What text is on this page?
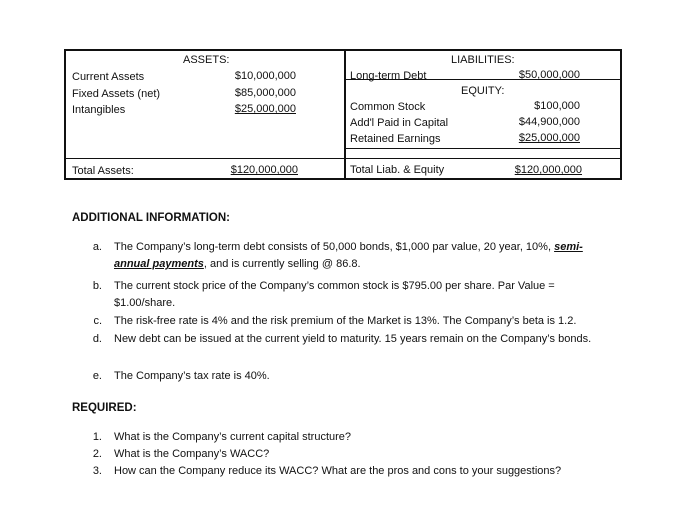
ASSETS:	LIABILITIES:
Current Assets	$10,000,000
Fixed Assets (net)	$85,000,000
Intangibles	$25,000,000
Long-term Debt	$50,000,000
EQUITY:
Common Stock	$100,000
Add'l Paid in Capital	$44,900,000
Retained Earnings	$25,000,000
Total Assets:	$120,000,000	Total Liab. & Equity	$120,000,000
ADDITIONAL INFORMATION:
a. The Company’s long-term debt consists of 50,000 bonds, $1,000 par value, 20 year, 10%, semi-annual payments, and is currently selling @ 86.8.
b. The current stock price of the Company’s common stock is $795.00 per share. Par Value = $1.00/share.
c. The risk-free rate is 4% and the risk premium of the Market is 13%. The Company’s beta is 1.2.
d. New debt can be issued at the current yield to maturity. 15 years remain on the Company’s bonds.
e. The Company’s tax rate is 40%.
REQUIRED:
1. What is the Company’s current capital structure?
2. What is the Company’s WACC?
3. How can the Company reduce its WACC? What are the pros and cons to your suggestions?
